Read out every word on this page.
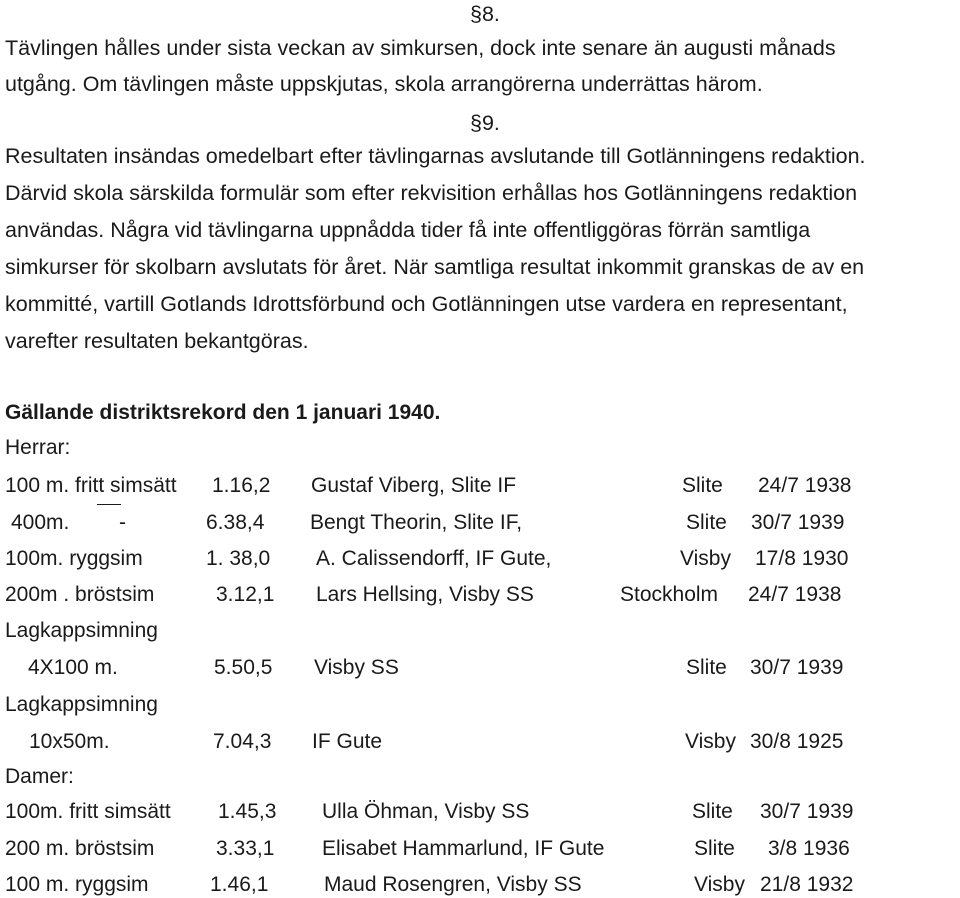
§8.
Tävlingen hålles under sista veckan av simkursen, dock inte senare än augusti månads
utgång. Om tävlingen måste uppskjutas, skola arrangörerna underrättas härom.
§9.
Resultaten insändas omedelbart efter tävlingarnas avslutande till Gotlänningens redaktion.
Därvid skola särskilda formulär som efter rekvisition erhållas hos Gotlänningens redaktion
användas. Några vid tävlingarna uppnådda tider få inte offentliggöras förrän samtliga
simkurser för skolbarn avslutats för året. När samtliga resultat inkommit granskas de av en
kommitté, vartill Gotlands Idrottsförbund och Gotlänningen utse vardera en representant,
varefter resultaten bekantgöras.
Gällande distriktsrekord den 1 januari 1940.
Herrar:
100 m. fritt simsätt 1.16,2 Gustaf Viberg, Slite IF	Slite 24/7 1938
400m. -	6.38,4 Bengt Theorin, Slite IF,	Slite 30/7 1939
100m. ryggsim	1. 38,0 A. Calissendorff, IF Gute,	Visby 17/8 1930
200m . bröstsim	3.12,1 Lars Hellsing, Visby SS	Stockholm 24/7 1938
Lagkappsimning
4X100 m.	5.50,5 Visby SS	Slite 30/7 1939
Lagkappsimning
10x50m.	7.04,3 IF Gute	Visby 30/8 1925
Damer:
100m. fritt simsätt 1.45,3 Ulla Öhman, Visby SS	Slite 30/7 1939
200 m. bröstsim	3.33,1 Elisabet Hammarlund, IF Gute	Slite 3/8 1936
100 m. ryggsim	1.46,1	Maud Rosengren, Visby SS	Visby 21/8 1932
